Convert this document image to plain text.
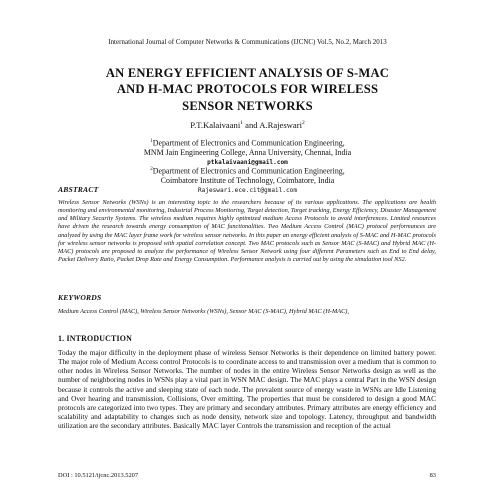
International Journal of Computer Networks & Communications (IJCNC) Vol.5, No.2, March 2013
AN ENERGY EFFICIENT ANALYSIS OF S-MAC
AND H-MAC PROTOCOLS FOR WIRELESS
SENSOR NETWORKS
P.T.Kalaivaani$^1$ and A.Rajeswari$^2$
$^1$Department of Electronics and Communication Engineering,
MNM Jain Engineering College, Anna University, Chennai, India
ptkalaivaani@gmail.com
$^2$Department of Electronics and Communication Engineering,
Coimbatore Institute of Technology, Coimbatore, India
Rajeswari.ece.cit@gmail.com
ABSTRACT
Wireless Sensor Networks (WSNs) is an interesting topic to the researchers because of its various applications. The applications are health monitoring and environmental monitoring, Industrial Process Monitoring, Target detection, Target tracking, Energy Efficiency, Disaster Management and Military Security Systems. The wireless medium requires highly optimized medium Access Protocols to avoid interferences. Limited resources have driven the research towards energy consumption of MAC functionalities. Two Medium Access Control (MAC) protocol performances are analyzed by using the MAC layer frame work for wireless sensor networks. In this paper an energy efficient analysis of S-MAC and H-MAC protocols for wireless sensor networks is proposed with spatial correlation concept. Two MAC protocols such as Sensor MAC (S-MAC) and Hybrid MAC (H-MAC) protocols are proposed to analyze the performance of Wireless Sensor Network using four different Parameters such as End to End delay, Packet Delivery Ratio, Packet Drop Rate and Energy Consumption. Performance analysis is carried out by using the simulation tool NS2.
KEYWORDS
Medium Access Control (MAC), Wireless Sensor Networks (WSNs), Sensor MAC (S-MAC), Hybrid MAC (H-MAC),
1. INTRODUCTION
Today the major difficulty in the deployment phase of wireless Sensor Networks is their dependence on limited battery power. The major role of Medium Access control Protocols is to coordinate access to and transmission over a medium that is common to other nodes in Wireless Sensor Networks. The number of nodes in the entire Wireless Sensor Networks design as well as the number of neighboring nodes in WSNs play a vital part in WSN MAC design. The MAC plays a central Part in the WSN design because it controls the active and sleeping state of each node. The prevalent source of energy waste in WSNs are Idle Listening and Over hearing and transmission, Collisions, Over emitting. The properties that must be considered to design a good MAC protocols are categorized into two types. They are primary and secondary attributes. Primary attributes are energy efficiency and scalability and adaptability to changes such as node density, network size and topology. Latency, throughput and bandwidth utilization are the secondary attributes. Basically MAC layer Controls the transmission and reception of the actual
DOI : 10.5121/ijcnc.2013.5207	83
